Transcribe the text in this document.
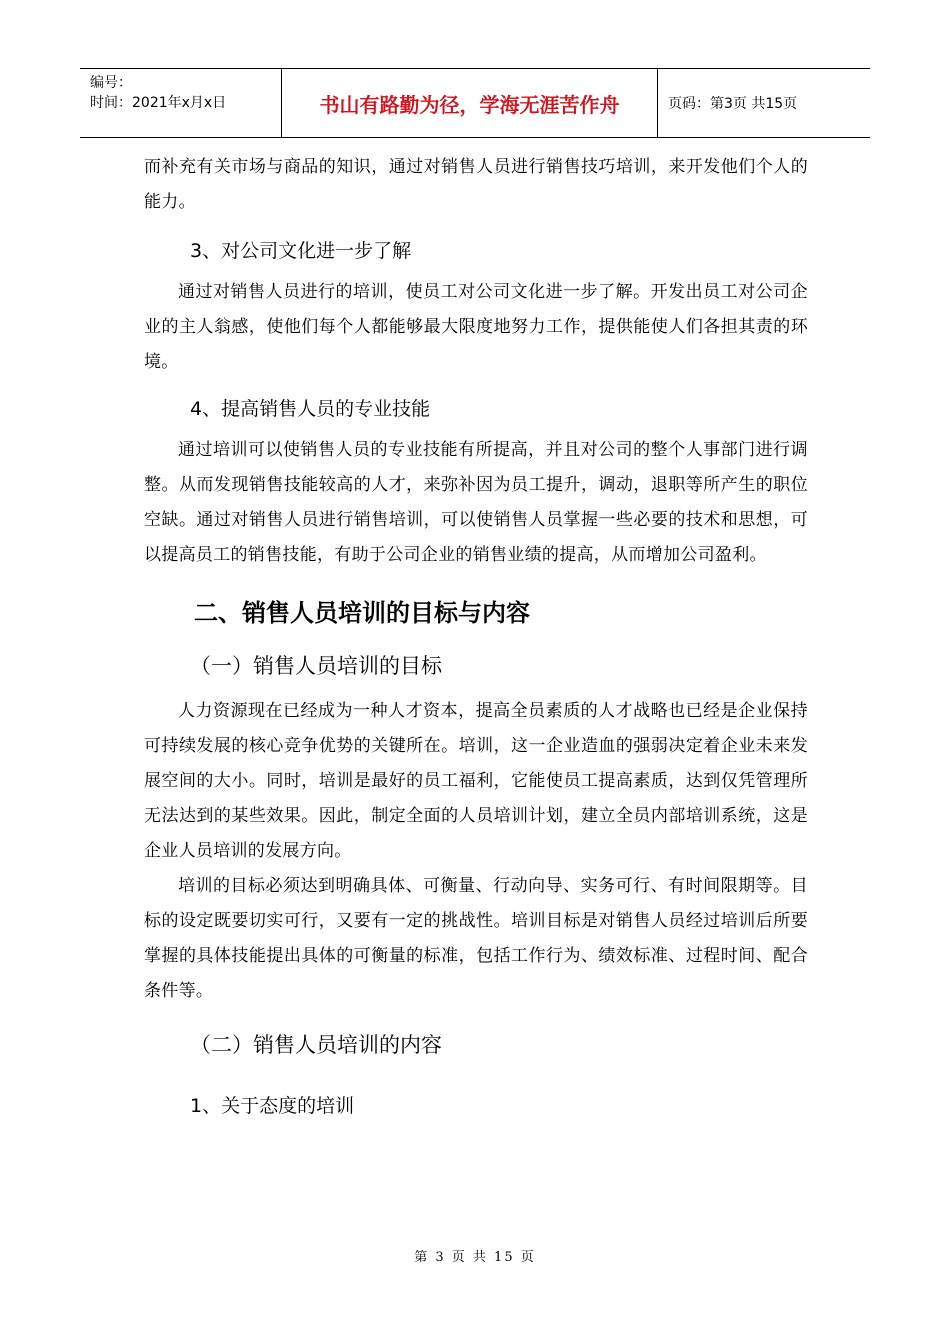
编号：
时间：2021年x月x日	书山有路勤为径，学海无涯苦作舟	页码：第3页 共15页

而补充有关市场与商品的知识，通过对销售人员进行销售技巧培训，来开发他们个人的能力。

3、对公司文化进一步了解

通过对销售人员进行的培训，使员工对公司文化进一步了解。开发出员工对公司企业的主人翁感，使他们每个人都能够最大限度地努力工作，提供能使人们各担其责的环境。

4、提高销售人员的专业技能

通过培训可以使销售人员的专业技能有所提高，并且对公司的整个人事部门进行调整。从而发现销售技能较高的人才，来弥补因为员工提升，调动，退职等所产生的职位空缺。通过对销售人员进行销售培训，可以使销售人员掌握一些必要的技术和思想，可以提高员工的销售技能，有助于公司企业的销售业绩的提高，从而增加公司盈利。

二、销售人员培训的目标与内容
（一）销售人员培训的目标

人力资源现在已经成为一种人才资本，提高全员素质的人才战略也已经是企业保持可持续发展的核心竞争优势的关键所在。培训，这一企业造血的强弱决定着企业未来发展空间的大小。同时，培训是最好的员工福利，它能使员工提高素质，达到仅凭管理所无法达到的某些效果。因此，制定全面的人员培训计划，建立全员内部培训系统，这是企业人员培训的发展方向。

培训的目标必须达到明确具体、可衡量、行动向导、实务可行、有时间限期等。目标的设定既要切实可行，又要有一定的挑战性。培训目标是对销售人员经过培训后所要掌握的具体技能提出具体的可衡量的标准，包括工作行为、绩效标准、过程时间、配合条件等。

（二）销售人员培训的内容
1、关于态度的培训
第 3 页 共 15 页
